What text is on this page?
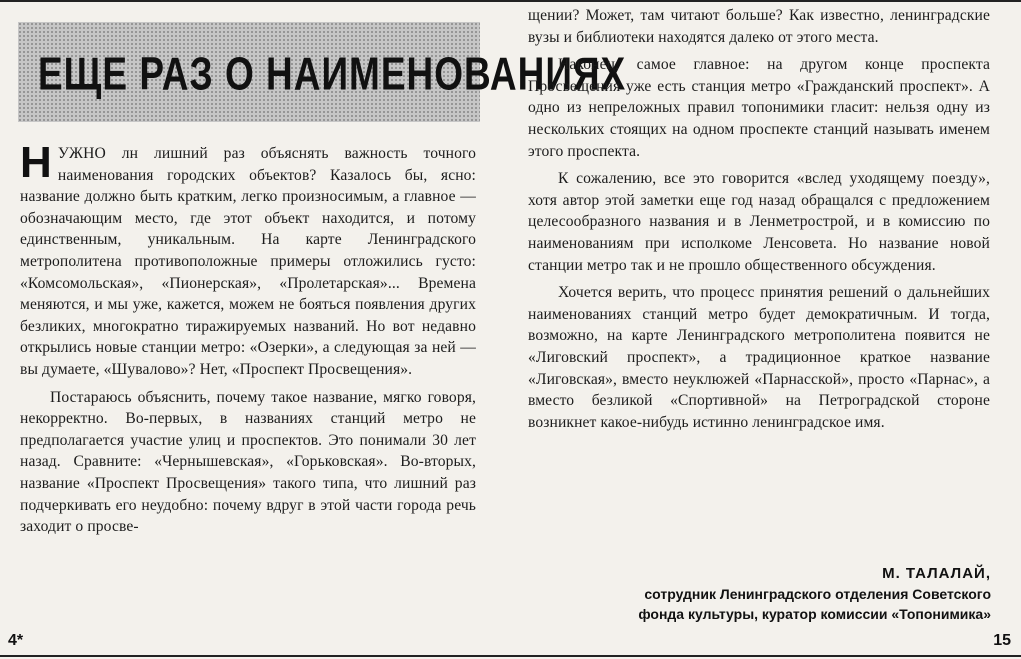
ЕЩЕ РАЗ О НАИМЕНОВАНИЯХ

НУЖНО лн лишний раз объяснять важность точного наименования городских объектов? Казалось бы, ясно: название должно быть кратким, легко произносимым, а главное — обозначающим место, где этот объект находится, и потому единственным, уникальным. На карте Ленинградского метрополитена противоположные примеры отложились густо: «Комсомольская», «Пионерская», «Пролетарская»... Времена меняются, и мы уже, кажется, можем не бояться появления других безликих, многократно тиражируемых названий. Но вот недавно открылись новые станции метро: «Озерки», а следующая за ней — вы думаете, «Шувалово»? Нет, «Проспект Просвещения».

Постараюсь объяснить, почему такое название, мягко говоря, некорректно. Во-первых, в названиях станций метро не предполагается участие улиц и проспектов. Это понимали 30 лет назад. Сравните: «Чернышевская», «Горьковская». Во-вторых, название «Проспект Просвещения» такого типа, что лишний раз подчеркивать его неудобно: почему вдруг в этой части города речь заходит о просве-

щении? Может, там читают больше? Как известно, ленинградские вузы и библиотеки находятся далеко от этого места.

Наконец, самое главное: на другом конце проспекта Просвещения уже есть станция метро «Гражданский проспект». А одно из непреложных правил топонимики гласит: нельзя одну из нескольких стоящих на одном проспекте станций называть именем этого проспекта.

К сожалению, все это говорится «вслед уходящему поезду», хотя автор этой заметки еще год назад обращался с предложением целесообразного названия и в Ленметрострой, и в комиссию по наименованиям при исполкоме Ленсовета. Но название новой станции метро так и не прошло общественного обсуждения.

Хочется верить, что процесс принятия решений о дальнейших наименованиях станций метро будет демократичным. И тогда, возможно, на карте Ленинградского метрополитена появится не «Лиговский проспект», а традиционное краткое название «Лиговская», вместо неуклюжей «Парнасской», просто «Парнас», а вместо безликой «Спортивной» на Петроградской стороне возникнет какое-нибудь истинно ленинградское имя.

М. ТАЛАЛАЙ,
сотрудник Ленинградского отделения Советского
фонда культуры, куратор комиссии «Топонимика»
4*	15
